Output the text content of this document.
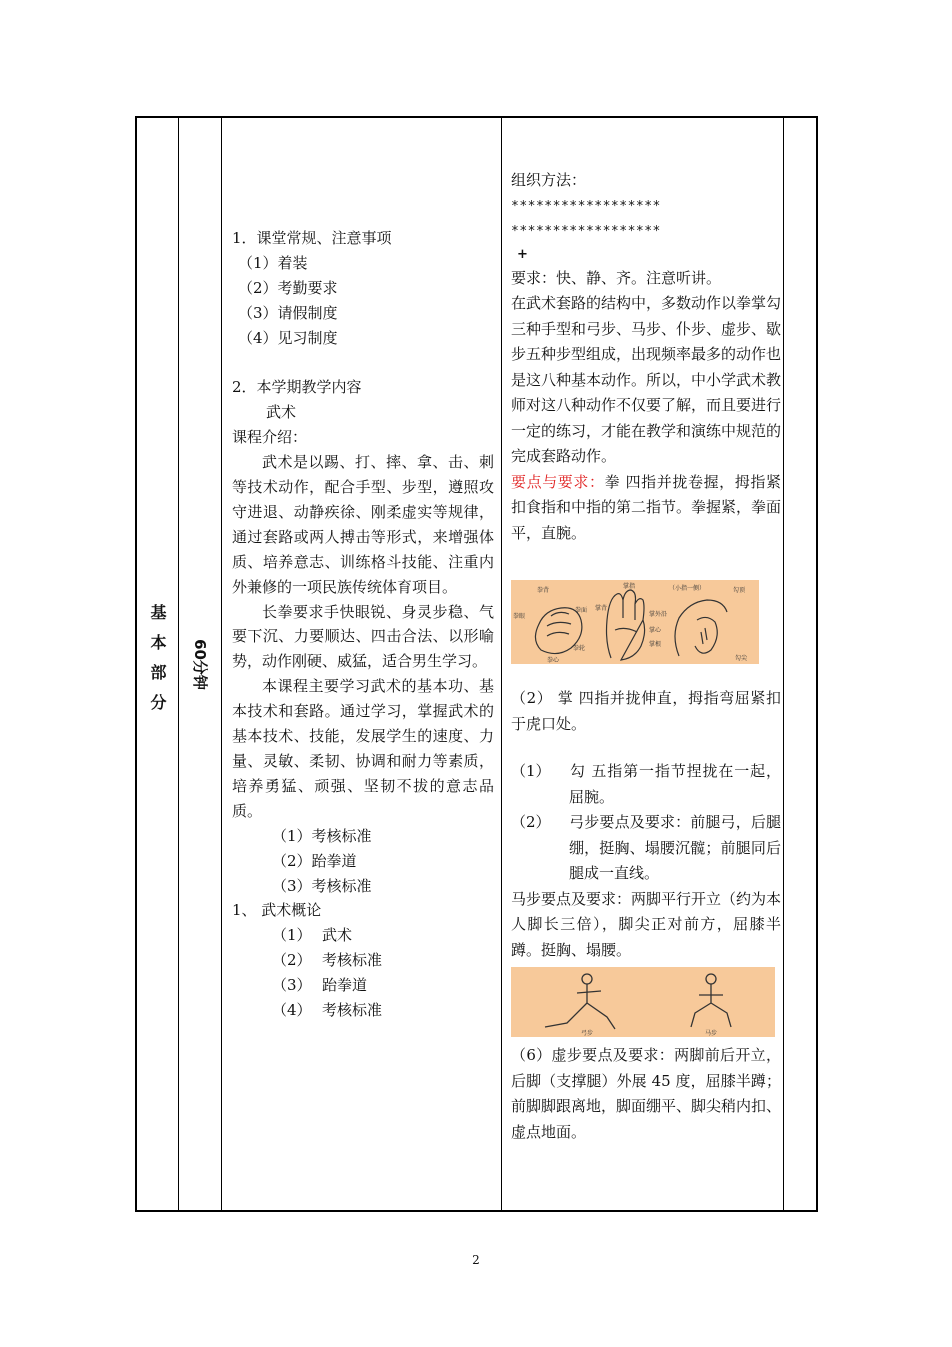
基本部分 60分钟

1．课堂常规、注意事项

（1）着装

（2）考勤要求

（3）请假制度

（4）见习制度

2．本学期教学内容

武术

课程介绍：

武术是以踢、打、摔、拿、击、刺等技术动作，配合手型、步型，遵照攻守进退、动静疾徐、刚柔虚实等规律，通过套路或两人搏击等形式，来增强体质、培养意志、训练格斗技能、注重内外兼修的一项民族传统体育项目。

长拳要求手快眼锐、身灵步稳、气要下沉、力要顺达、四击合法、以形喻势，动作刚硬、威猛，适合男生学习。

本课程主要学习武术的基本功、基本技术和套路。通过学习，掌握武术的基本技术、技能，发展学生的速度、力量、灵敏、柔韧、协调和耐力等素质，培养勇猛、顽强、坚韧不拔的意志品质。

（1）考核标准

（2）跆拳道

（3）考核标准

1、 武术概论

（1） 武术

（2） 考核标准

（3） 跆拳道

（4） 考核标准

组织方法：

******************

******************

+

要求：快、静、齐。注意听讲。

在武术套路的结构中，多数动作以拳掌勾三种手型和弓步、马步、仆步、虚步、歇步五种步型组成，出现频率最多的动作也是这八种基本动作。所以，中小学武术教师对这八种动作不仅要了解，而且要进行一定的练习，才能在教学和演练中规范的完成套路动作。

要点与要求：拳 四指并拢卷握，拇指紧扣食指和中指的第二指节。拳握紧，拳面平，直腕。

拳背
拳眼
拳面
拳轮
拳心
掌背
掌指
掌外沿
掌心
掌根
（小指一侧）	勾顶
勾尖

（2） 掌 四指并拢伸直，拇指弯屈紧扣于虎口处。

（1） 勾 五指第一指节捏拢在一起，屈腕。

（2） 弓步要点及要求：前腿弓，后腿绷，挺胸、塌腰沉髋；前腿同后腿成一直线。

马步要点及要求：两脚平行开立（约为本人脚长三倍），脚尖正对前方，屈膝半蹲。挺胸、塌腰。

弓步	马步

（6）虚步要点及要求：两脚前后开立，后脚（支撑腿）外展 45 度，屈膝半蹲；前脚脚跟离地，脚面绷平、脚尖稍内扣、虚点地面。

2
